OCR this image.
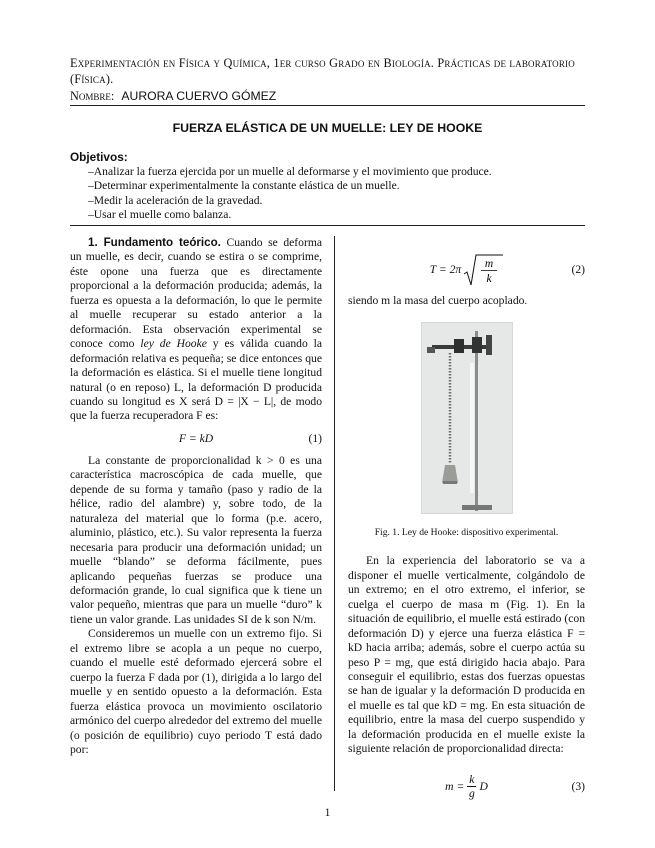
Experimentación en Física y Química, 1er curso Grado en Biología. Prácticas de laboratorio (Física).
Nombre: AURORA CUERVO GÓMEZ
FUERZA ELÁSTICA DE UN MUELLE: LEY DE HOOKE
Objetivos:
–Analizar la fuerza ejercida por un muelle al deformarse y el movimiento que produce.
–Determinar experimentalmente la constante elástica de un muelle.
–Medir la aceleración de la gravedad.
–Usar el muelle como balanza.

1. Fundamento teórico. Cuando se deforma un muelle, es decir, cuando se estira o se comprime, éste opone una fuerza que es directamente proporcional a la deformación producida; además, la fuerza es opuesta a la deformación, lo que le permite al muelle recuperar su estado anterior a la deformación. Esta observación experimental se conoce como ley de Hooke y es válida cuando la deformación relativa es pequeña; se dice entonces que la deformación es elástica. Si el muelle tiene longitud natural (o en reposo) L, la deformación D producida cuando su longitud es X será D = |X − L|, de modo que la fuerza recuperadora F es:

F = kD	(1)

La constante de proporcionalidad k > 0 es una característica macroscópica de cada muelle, que depende de su forma y tamaño (paso y radio de la hélice, radio del alambre) y, sobre todo, de la naturaleza del material que lo forma (p.e. acero, aluminio, plástico, etc.). Su valor representa la fuerza necesaria para producir una deformación unidad; un muelle “blando” se deforma fácilmente, pues aplicando pequeñas fuerzas se produce una deformación grande, lo cual significa que k tiene un valor pequeño, mientras que para un muelle “duro” k tiene un valor grande. Las unidades SI de k son N/m.

Consideremos un muelle con un extremo fijo. Si el extremo libre se acopla a un peque no cuerpo, cuando el muelle esté deformado ejercerá sobre el cuerpo la fuerza F dada por (1), dirigida a lo largo del muelle y en sentido opuesto a la deformación. Esta fuerza elástica provoca un movimiento oscilatorio armónico del cuerpo alrededor del extremo del muelle (o posición de equilibrio) cuyo periodo T está dado por:

T = 2π m
k
(2)

siendo m la masa del cuerpo acoplado.

Fig. 1. Ley de Hooke: dispositivo experimental.

En la experiencia del laboratorio se va a disponer el muelle verticalmente, colgándolo de un extremo; en el otro extremo, el inferior, se cuelga el cuerpo de masa m (Fig. 1). En la situación de equilibrio, el muelle está estirado (con deformación D) y ejerce una fuerza elástica F = kD hacia arriba; además, sobre el cuerpo actúa su peso P = mg, que está dirigido hacia abajo. Para conseguir el equilibrio, estas dos fuerzas opuestas se han de igualar y la deformación D producida en el muelle es tal que kD = mg. En esta situación de equilibrio, entre la masa del cuerpo suspendido y la deformación producida en el muelle existe la siguiente relación de proporcionalidad directa:

$m = \frac{k}{g}$ D	(3)
1
